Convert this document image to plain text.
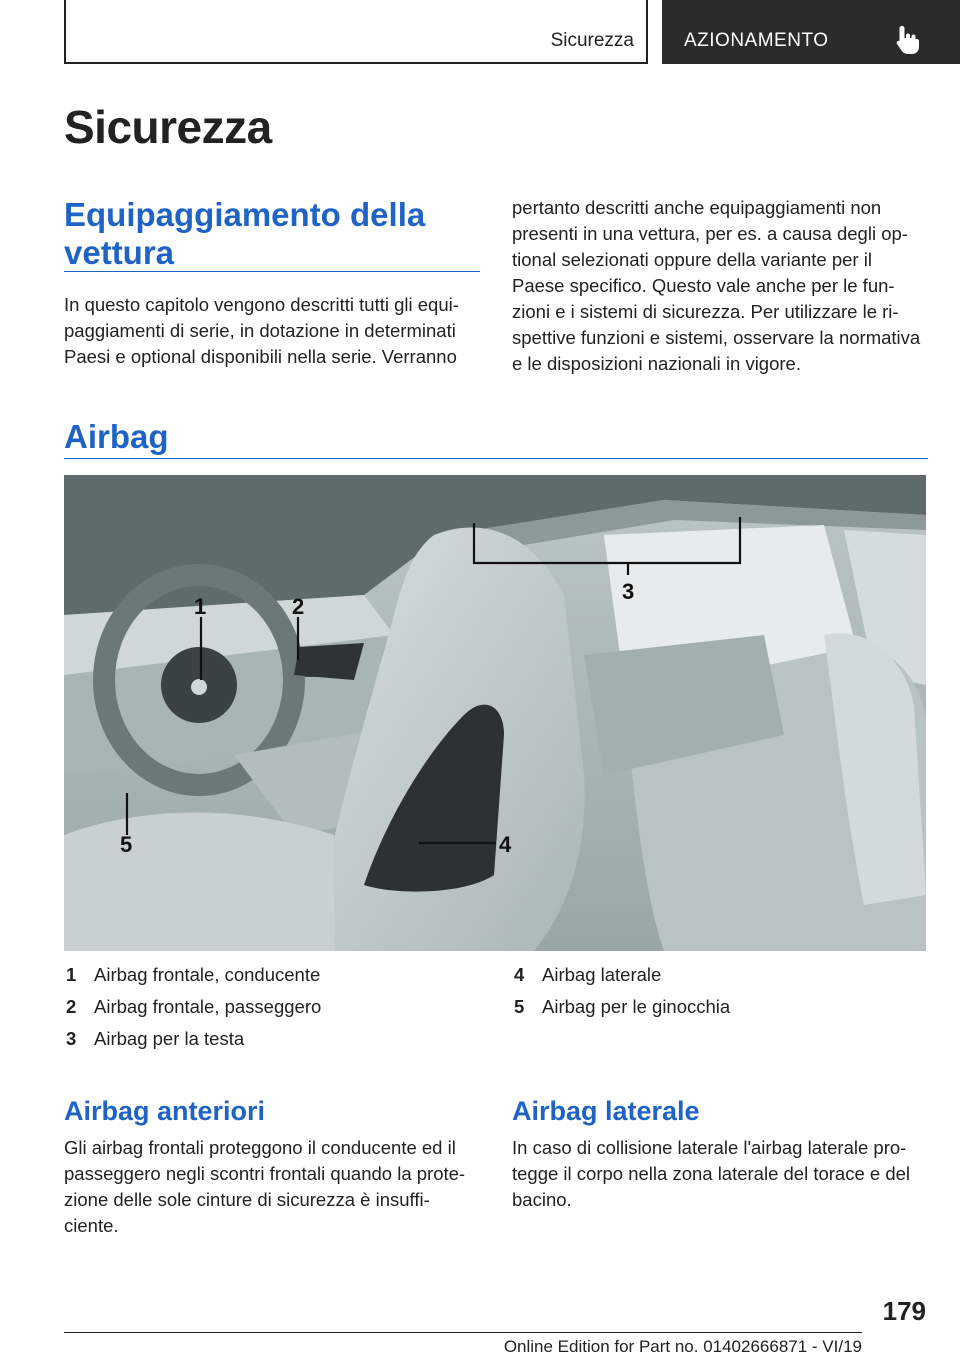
Sicurezza	AZIONAMENTO
Sicurezza
Equipaggiamento della
vettura

In questo capitolo vengono descritti tutti gli equi-
paggiamenti di serie, in dotazione in determinati
Paesi e optional disponibili nella serie. Verranno

pertanto descritti anche equipaggiamenti non
presenti in una vettura, per es. a causa degli op-
tional selezionati oppure della variante per il
Paese specifico. Questo vale anche per le fun-
zioni e i sistemi di sicurezza. Per utilizzare le ri-
spettive funzioni e sistemi, osservare la normativa
e le disposizioni nazionali in vigore.

Airbag
1	2
3
4
5
1 Airbag frontale, conducente
2 Airbag frontale, passeggero
3 Airbag per la testa
4 Airbag laterale
5 Airbag per le ginocchia
Airbag anteriori

Gli airbag frontali proteggono il conducente ed il
passeggero negli scontri frontali quando la prote-
zione delle sole cinture di sicurezza è insuffi-
ciente.

Airbag laterale

In caso di collisione laterale l'airbag laterale pro-
tegge il corpo nella zona laterale del torace e del
bacino.

179
Online Edition for Part no. 01402666871 - VI/19
